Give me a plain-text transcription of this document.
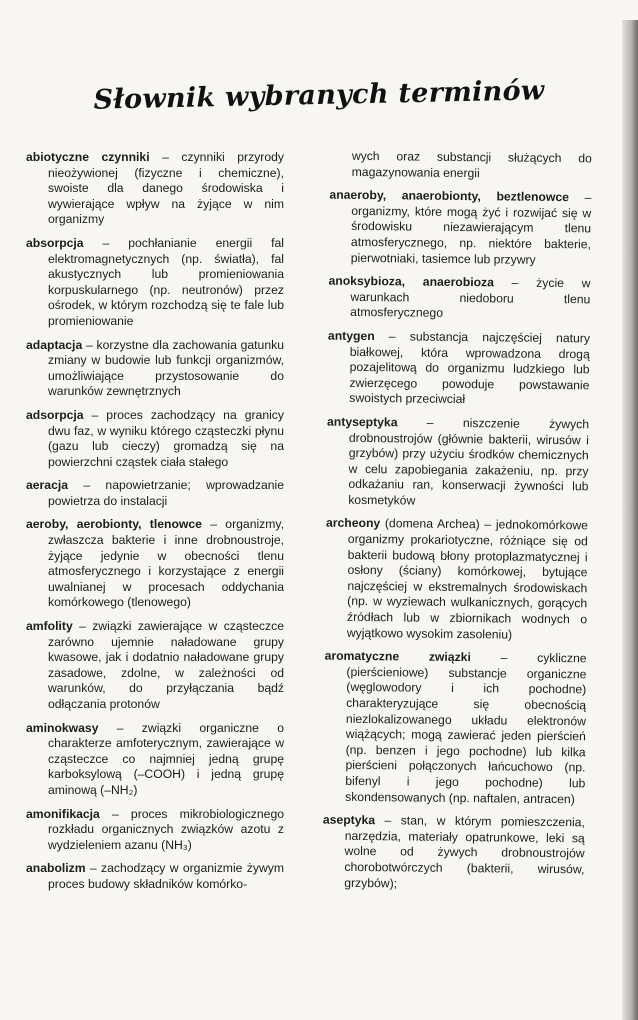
Słownik wybranych terminów

abiotyczne czynniki – czynniki przyrody nieożywionej (fizyczne i chemiczne), swoiste dla danego środowiska i wywierające wpływ na żyjące w nim organizmy

absorpcja – pochłanianie energii fal elektromagnetycznych (np. światła), fal akustycznych lub promieniowania korpuskularnego (np. neutronów) przez ośrodek, w którym rozchodzą się te fale lub promieniowanie

adaptacja – korzystne dla zachowania gatunku zmiany w budowie lub funkcji organizmów, umożliwiające przystosowanie do warunków zewnętrznych

adsorpcja – proces zachodzący na granicy dwu faz, w wyniku którego cząsteczki płynu (gazu lub cieczy) gromadzą się na powierzchni cząstek ciała stałego

aeracja – napowietrzanie; wprowadzanie powietrza do instalacji

aeroby, aerobionty, tlenowce – organizmy, zwłaszcza bakterie i inne drobnoustroje, żyjące jedynie w obecności tlenu atmosferycznego i korzystające z energii uwalnianej w procesach oddychania komórkowego (tlenowego)

amfolity – związki zawierające w cząsteczce zarówno ujemnie naładowane grupy kwasowe, jak i dodatnio naładowane grupy zasadowe, zdolne, w zależności od warunków, do przyłączania bądź odłączania protonów

aminokwasy – związki organiczne o charakterze amfoterycznym, zawierające w cząsteczce co najmniej jedną grupę karboksylową (–COOH) i jedną grupę aminową (–NH₂)

amonifikacja – proces mikrobiologicznego rozkładu organicznych związków azotu z wydzieleniem azanu (NH₃)

anabolizm – zachodzący w organizmie żywym proces budowy składników komórko-

wych oraz substancji służących do magazynowania energii

anaeroby, anaerobionty, beztlenowce – organizmy, które mogą żyć i rozwijać się w środowisku niezawierającym tlenu atmosferycznego, np. niektóre bakterie, pierwotniaki, tasiemce lub przywry

anoksybioza, anaerobioza – życie w warunkach niedoboru tlenu atmosferycznego

antygen – substancja najczęściej natury białkowej, która wprowadzona drogą pozajelitową do organizmu ludzkiego lub zwierzęcego powoduje powstawanie swoistych przeciwciał

antyseptyka – niszczenie żywych drobnoustrojów (głównie bakterii, wirusów i grzybów) przy użyciu środków chemicznych w celu zapobiegania zakażeniu, np. przy odkażaniu ran, konserwacji żywności lub kosmetyków

archeony (domena Archea) – jednokomórkowe organizmy prokariotyczne, różniące się od bakterii budową błony protoplazmatycznej i osłony (ściany) komórkowej, bytujące najczęściej w ekstremalnych środowiskach (np. w wyziewach wulkanicznych, gorących źródłach lub w zbiornikach wodnych o wyjątkowo wysokim zasoleniu)

aromatyczne związki – cykliczne (pierścieniowe) substancje organiczne (węglowodory i ich pochodne) charakteryzujące się obecnością niezlokalizowanego układu elektronów wiążących; mogą zawierać jeden pierścień (np. benzen i jego pochodne) lub kilka pierścieni połączonych łańcuchowo (np. bifenyl i jego pochodne) lub skondensowanych (np. naftalen, antracen)

aseptyka – stan, w którym pomieszczenia, narzędzia, materiały opatrunkowe, leki są wolne od żywych drobnoustrojów chorobotwórczych (bakterii, wirusów, grzybów);
